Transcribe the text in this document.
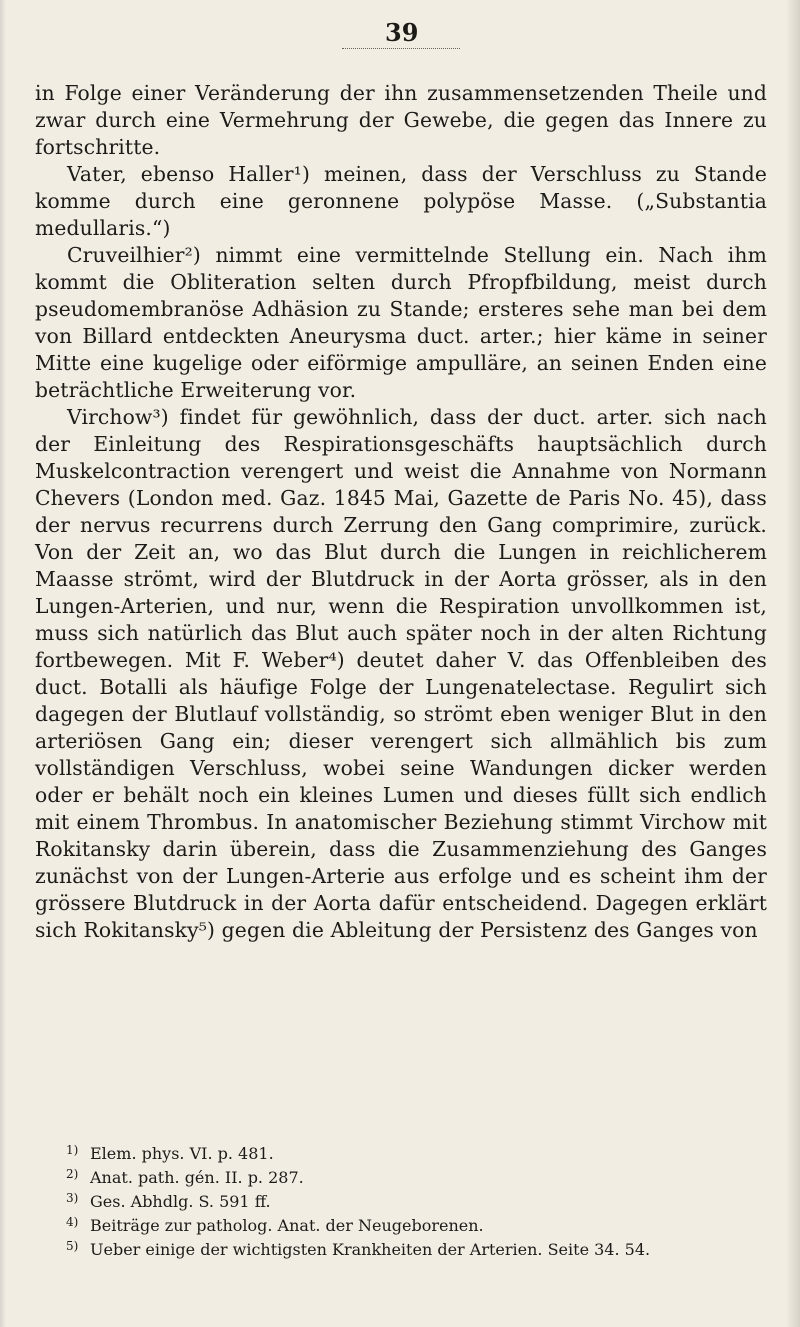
39

in Folge einer Veränderung der ihn zusammensetzenden Theile und zwar durch eine Vermehrung der Gewebe, die gegen das Innere zu fortschritte.

Vater, ebenso Haller¹) meinen, dass der Verschluss zu Stande komme durch eine geronnene polypöse Masse. („Substantia medullaris.“)

Cruveilhier²) nimmt eine vermittelnde Stellung ein. Nach ihm kommt die Obliteration selten durch Pfropfbildung, meist durch pseudomembranöse Adhäsion zu Stande; ersteres sehe man bei dem von Billard entdeckten Aneurysma duct. arter.; hier käme in seiner Mitte eine kugelige oder eiförmige ampulläre, an seinen Enden eine beträchtliche Erweiterung vor.

Virchow³) findet für gewöhnlich, dass der duct. arter. sich nach der Einleitung des Respirationsgeschäfts hauptsächlich durch Muskelcontraction verengert und weist die Annahme von Normann Chevers (London med. Gaz. 1845 Mai, Gazette de Paris No. 45), dass der nervus recurrens durch Zerrung den Gang comprimire, zurück. Von der Zeit an, wo das Blut durch die Lungen in reichlicherem Maasse strömt, wird der Blutdruck in der Aorta grösser, als in den Lungen-Arterien, und nur, wenn die Respiration unvollkommen ist, muss sich natürlich das Blut auch später noch in der alten Richtung fortbewegen. Mit F. Weber⁴) deutet daher V. das Offenbleiben des duct. Botalli als häufige Folge der Lungenatelectase. Regulirt sich dagegen der Blutlauf vollständig, so strömt eben weniger Blut in den arteriösen Gang ein; dieser verengert sich allmählich bis zum vollständigen Verschluss, wobei seine Wandungen dicker werden oder er behält noch ein kleines Lumen und dieses füllt sich endlich mit einem Thrombus. In anatomischer Beziehung stimmt Virchow mit Rokitansky darin überein, dass die Zusammenziehung des Ganges zunächst von der Lungen-Arterie aus erfolge und es scheint ihm der grössere Blutdruck in der Aorta dafür entscheidend. Dagegen erklärt sich Rokitansky⁵) gegen die Ableitung der Persistenz des Ganges von

1) Elem. phys. VI. p. 481.

2) Anat. path. gén. II. p. 287.

3) Ges. Abhdlg. S. 591 ff.

4) Beiträge zur patholog. Anat. der Neugeborenen.

5) Ueber einige der wichtigsten Krankheiten der Arterien. Seite 34. 54.
